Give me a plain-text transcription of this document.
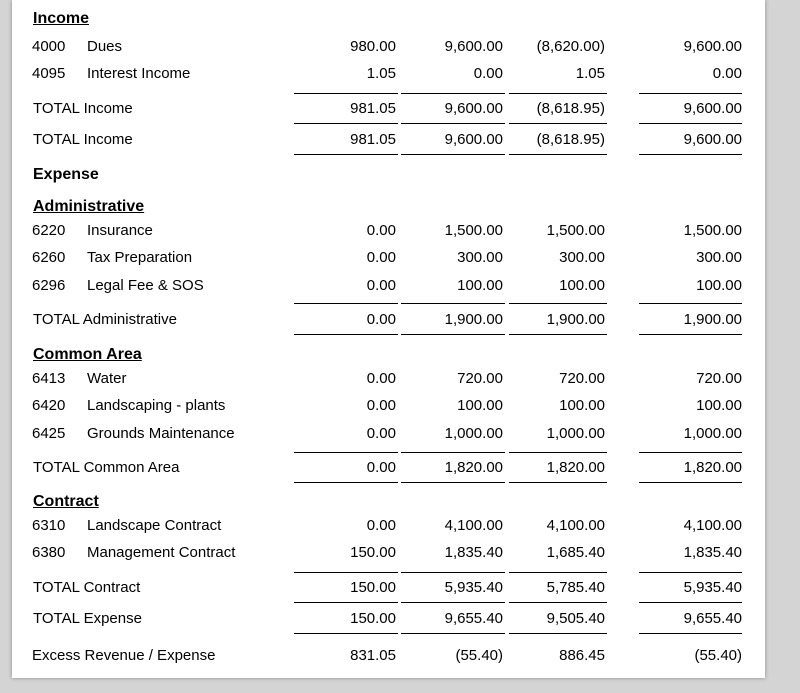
Income
4000 Dues	980.00	9,600.00	(8,620.00)	9,600.00
4095 Interest Income	1.05	0.00	1.05	0.00
TOTAL Income	981.05	9,600.00	(8,618.95)	9,600.00
TOTAL Income	981.05	9,600.00	(8,618.95)	9,600.00
Expense
Administrative
6220 Insurance	0.00	1,500.00	1,500.00	1,500.00
6260 Tax Preparation	0.00	300.00	300.00	300.00
6296 Legal Fee & SOS	0.00	100.00	100.00	100.00
TOTAL Administrative	0.00	1,900.00	1,900.00	1,900.00
Common Area
6413 Water	0.00	720.00	720.00	720.00
6420 Landscaping - plants	0.00	100.00	100.00	100.00
6425 Grounds Maintenance	0.00	1,000.00	1,000.00	1,000.00
TOTAL Common Area	0.00	1,820.00	1,820.00	1,820.00
Contract
6310 Landscape Contract	0.00	4,100.00	4,100.00	4,100.00
6380 Management Contract	150.00	1,835.40	1,685.40	1,835.40
TOTAL Contract	150.00	5,935.40	5,785.40	5,935.40
TOTAL Expense	150.00	9,655.40	9,505.40	9,655.40
Excess Revenue / Expense	831.05	(55.40)	886.45	(55.40)
